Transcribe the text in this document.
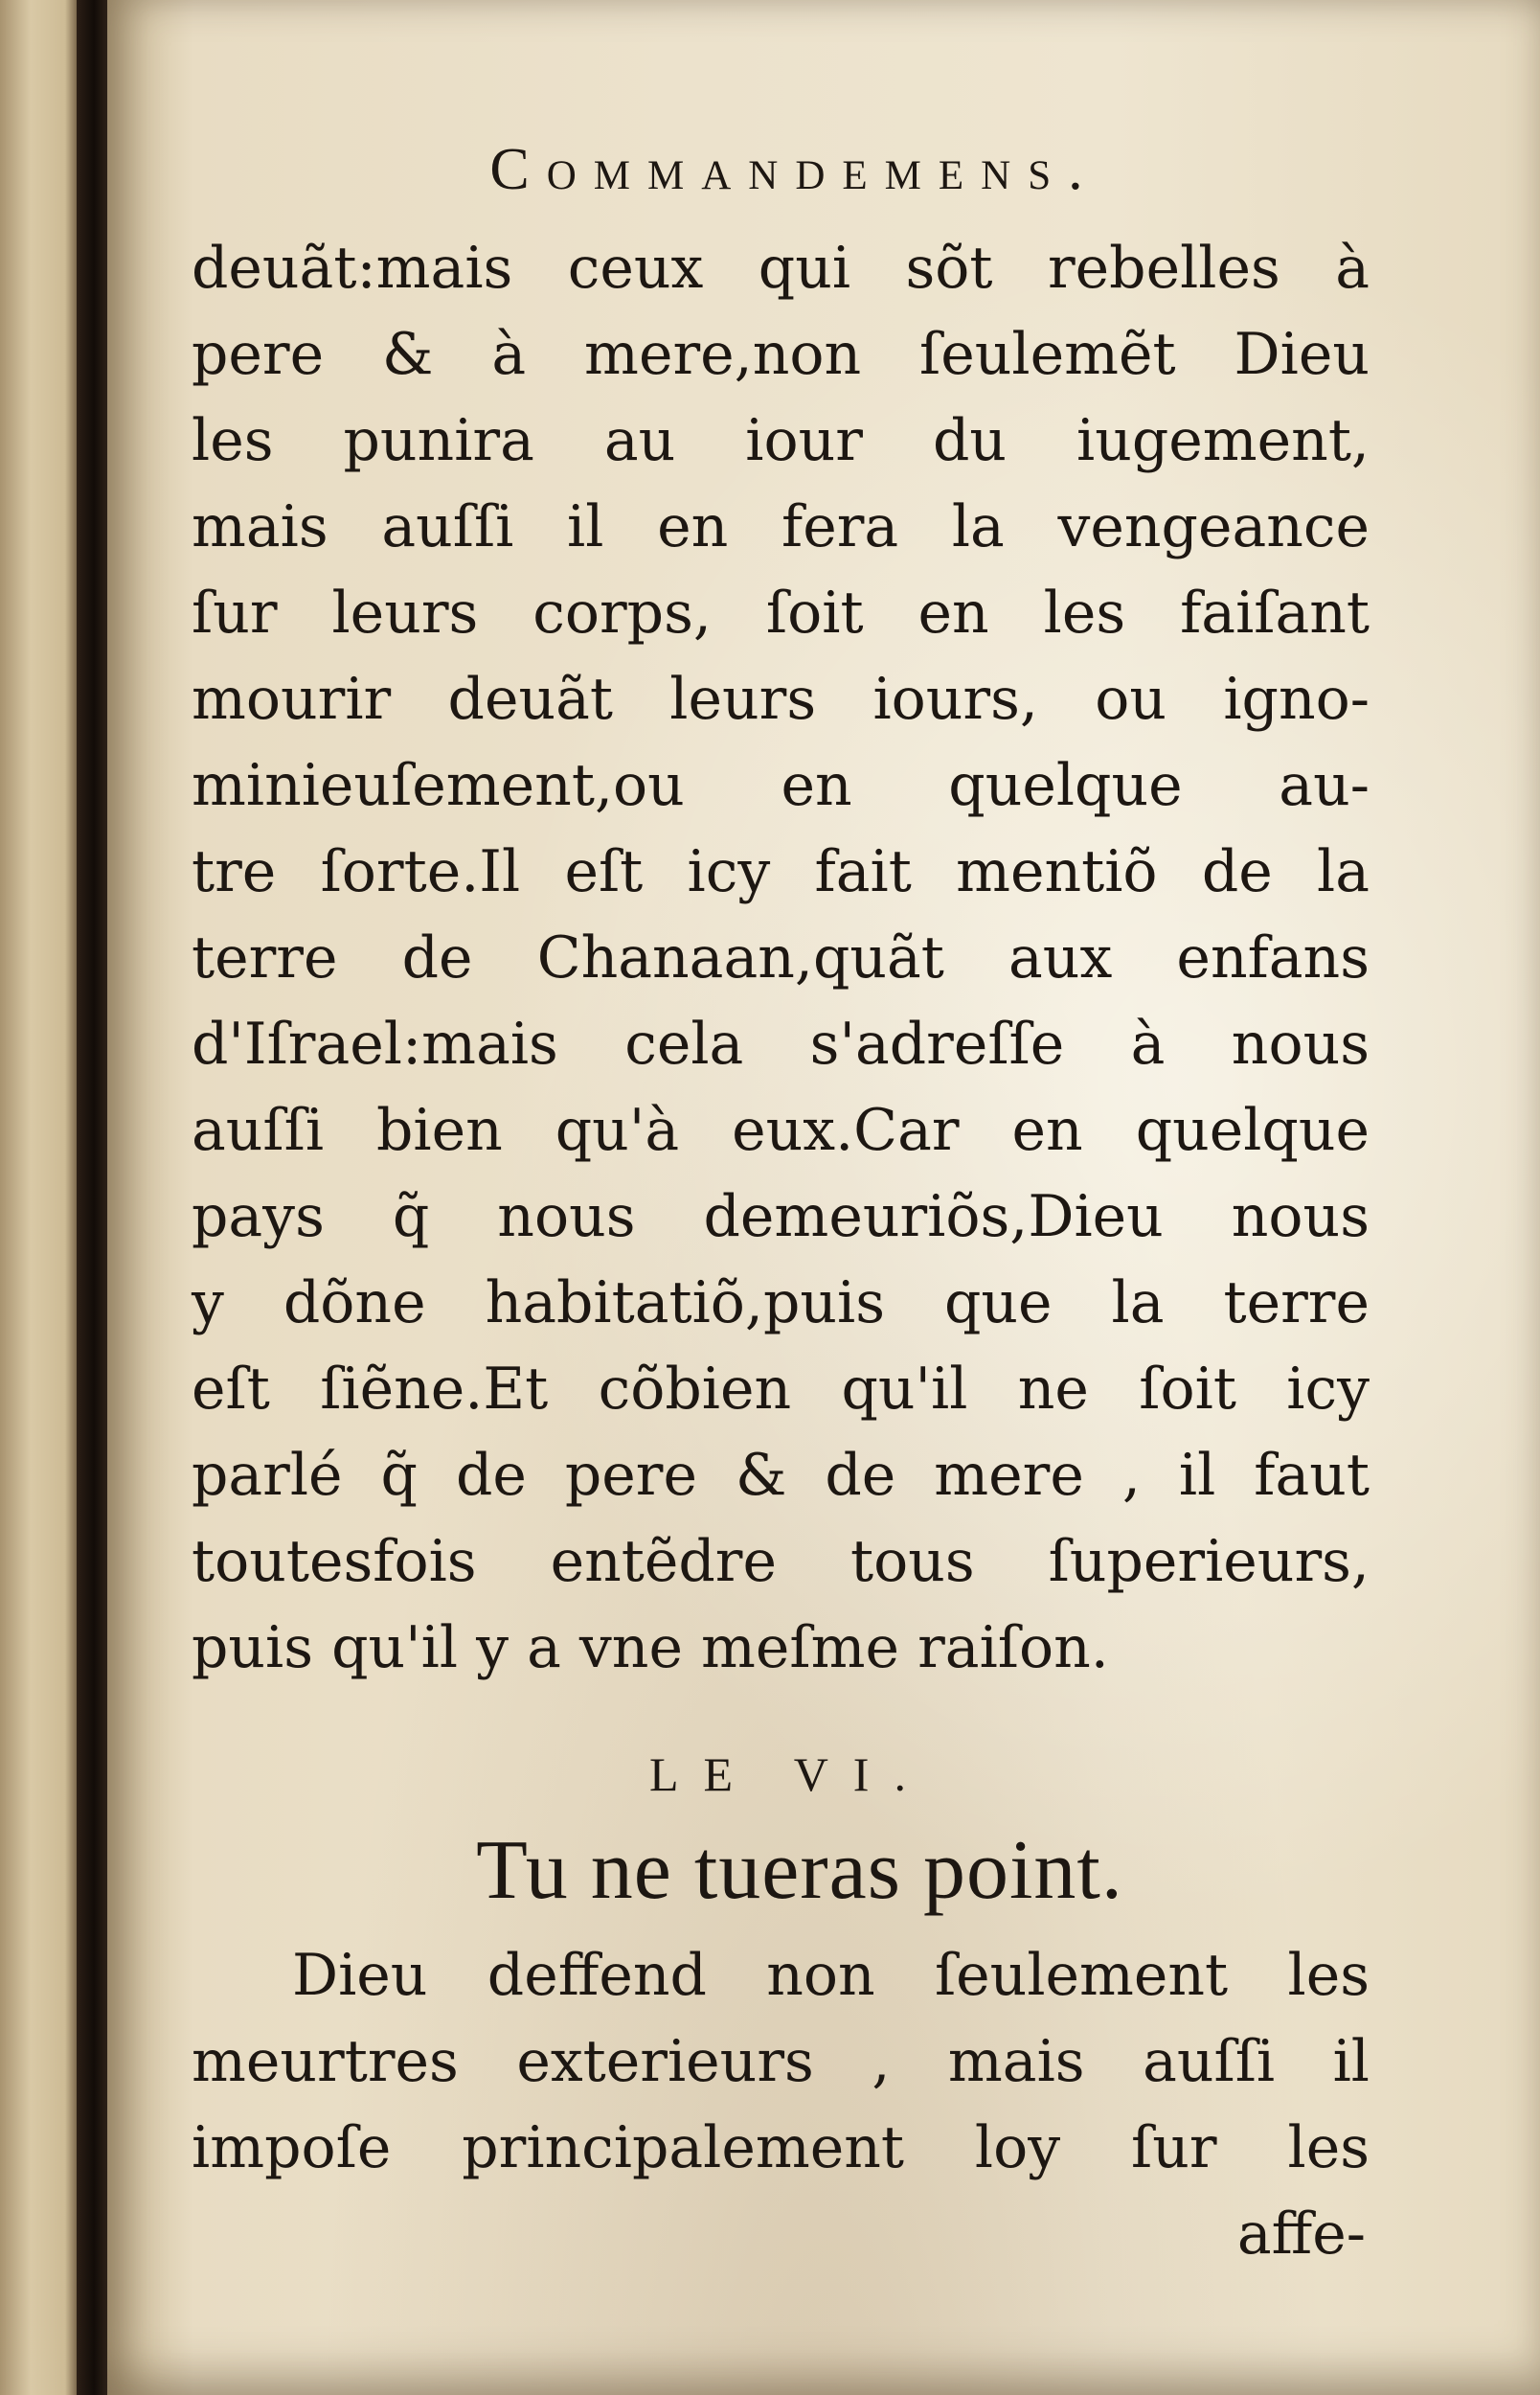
Commandemens.
deuãt:mais ceux qui sõt rebelles à
pere & à mere,non ſeulemẽt Dieu
les punira au iour du iugement,
mais auſſi il en fera la vengeance
ſur leurs corps, ſoit en les faiſant
mourir deuãt leurs iours, ou igno-
minieuſement,ou en quelque au-
tre ſorte.Il eſt icy fait mentiõ de la
terre de Chanaan,quãt aux enfans
d'Iſrael:mais cela s'adreſſe à nous
auſſi bien qu'à eux.Car en quelque
pays q̃ nous demeuriõs,Dieu nous
y dõne habitatiõ,puis que la terre
eſt ſiẽne.Et cõbien qu'il ne ſoit icy
parlé q̃ de pere & de mere , il faut
toutesfois entẽdre tous ſuperieurs,
puis qu'il y a vne meſme raiſon.
LE VI.
Tu ne tueras point.
Dieu deffend non ſeulement les
meurtres exterieurs , mais auſſi il
impoſe principalement loy ſur les
affe-
